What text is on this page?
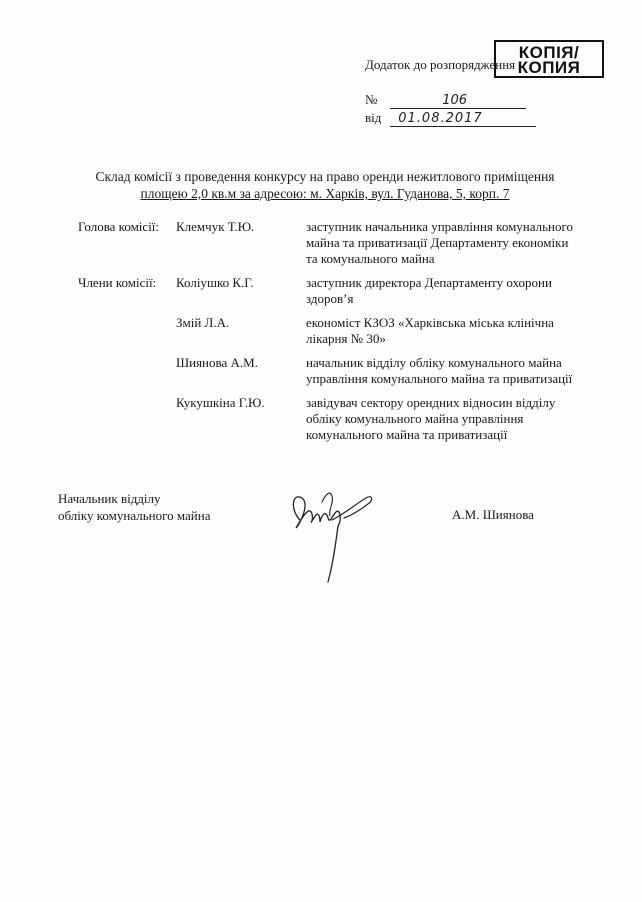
КОПІЯ/
КОПИЯ
Додаток до розпорядження
№	106
від 01.08.2017
Склад комісії з проведення конкурсу на право оренди нежитлового приміщення
площею 2,0 кв.м за адресою: м. Харків, вул. Гуданова, 5, корп. 7
Голова комісії:	Клемчук Т.Ю.	заступник начальника управління комунального майна та приватизації Департаменту економіки та комунального майна
Члени комісії:	Коліушко К.Г.	заступник директора Департаменту охорони здоров’я
Змій Л.А.	економіст КЗОЗ «Харківська міська клінічна лікарня № 30»
Шиянова А.М.	начальник відділу обліку комунального майна управління комунального майна та приватизації
Кукушкіна Г.Ю.	завідувач сектору орендних відносин відділу обліку комунального майна управління комунального майна та приватизації
Начальник відділу
обліку комунального майна	А.М. Шиянова
